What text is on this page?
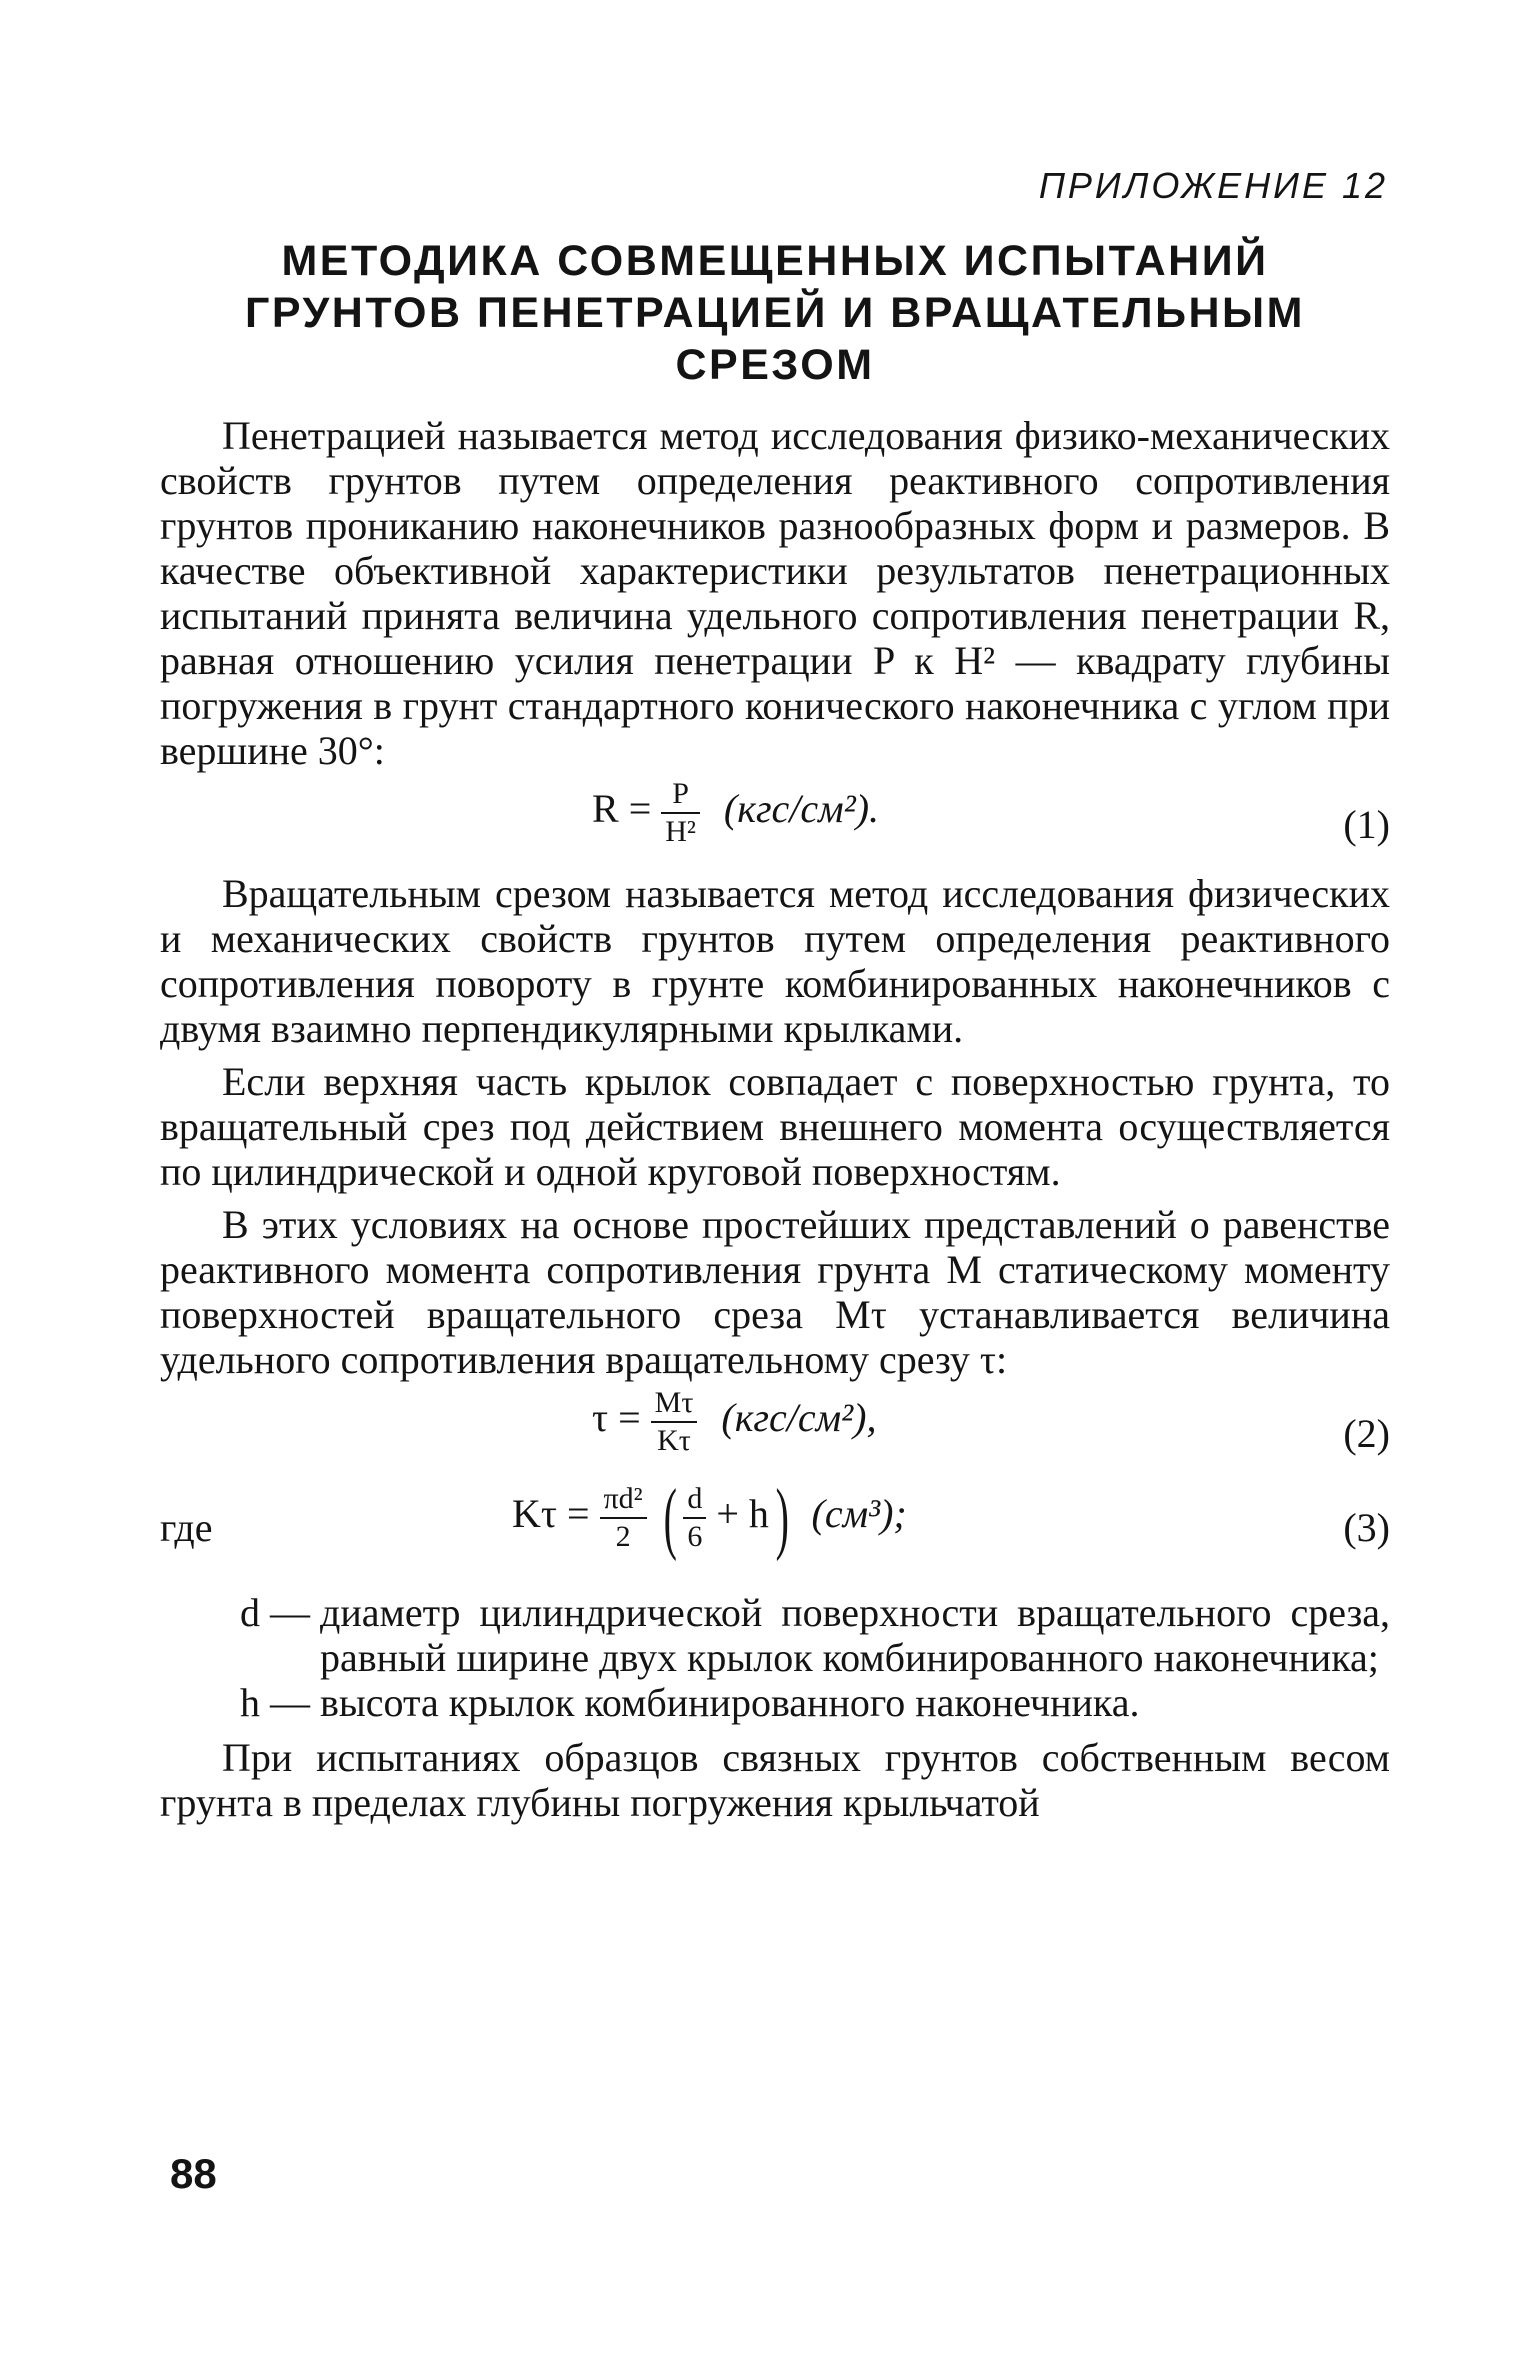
ПРИЛОЖЕНИЕ 12
МЕТОДИКА СОВМЕЩЕННЫХ ИСПЫТАНИЙ
ГРУНТОВ ПЕНЕТРАЦИЕЙ И ВРАЩАТЕЛЬНЫМ
СРЕЗОМ

Пенетрацией называется метод исследования физико-механических свойств грунтов путем определения реактивного сопротивления грунтов прониканию наконечников разнообразных форм и размеров. В качестве объективной характеристики результатов пенетрационных испытаний принята величина удельного сопротивления пенетрации R, равная отношению усилия пенетрации P к H² — квадрату глубины погружения в грунт стандартного конического наконечника с углом при вершине 30°:

$R = \frac{P}{\text{H²}} (кгс/см^2)$.	(1)

Вращательным срезом называется метод исследования физических и механических свойств грунтов путем определения реактивного сопротивления повороту в грунте комбинированных наконечников с двумя взаимно перпендикулярными крылками.

Если верхняя часть крылок совпадает с поверхностью грунта, то вращательный срез под действием внешнего момента осуществляется по цилиндрической и одной круговой поверхностям.

В этих условиях на основе простейших представлений о равенстве реактивного момента сопротивления грунта M статическому моменту поверхностей вращательного среза Mτ устанавливается величина удельного сопротивления вращательному срезу τ:

$\tau = \frac{M\tau}{K\tau} (кгс/см^2)$,	(2)
где	$K\tau = \frac{\text{πd²}}{2}$ ( $\frac{d}{6} + h$) (см³);	(3)
d — диаметр цилиндрической поверхности вращательного среза, равный ширине двух крылок комбинированного наконечника;
h — высота крылок комбинированного наконечника.

При испытаниях образцов связных грунтов собственным весом грунта в пределах глубины погружения крыльчатой

88
